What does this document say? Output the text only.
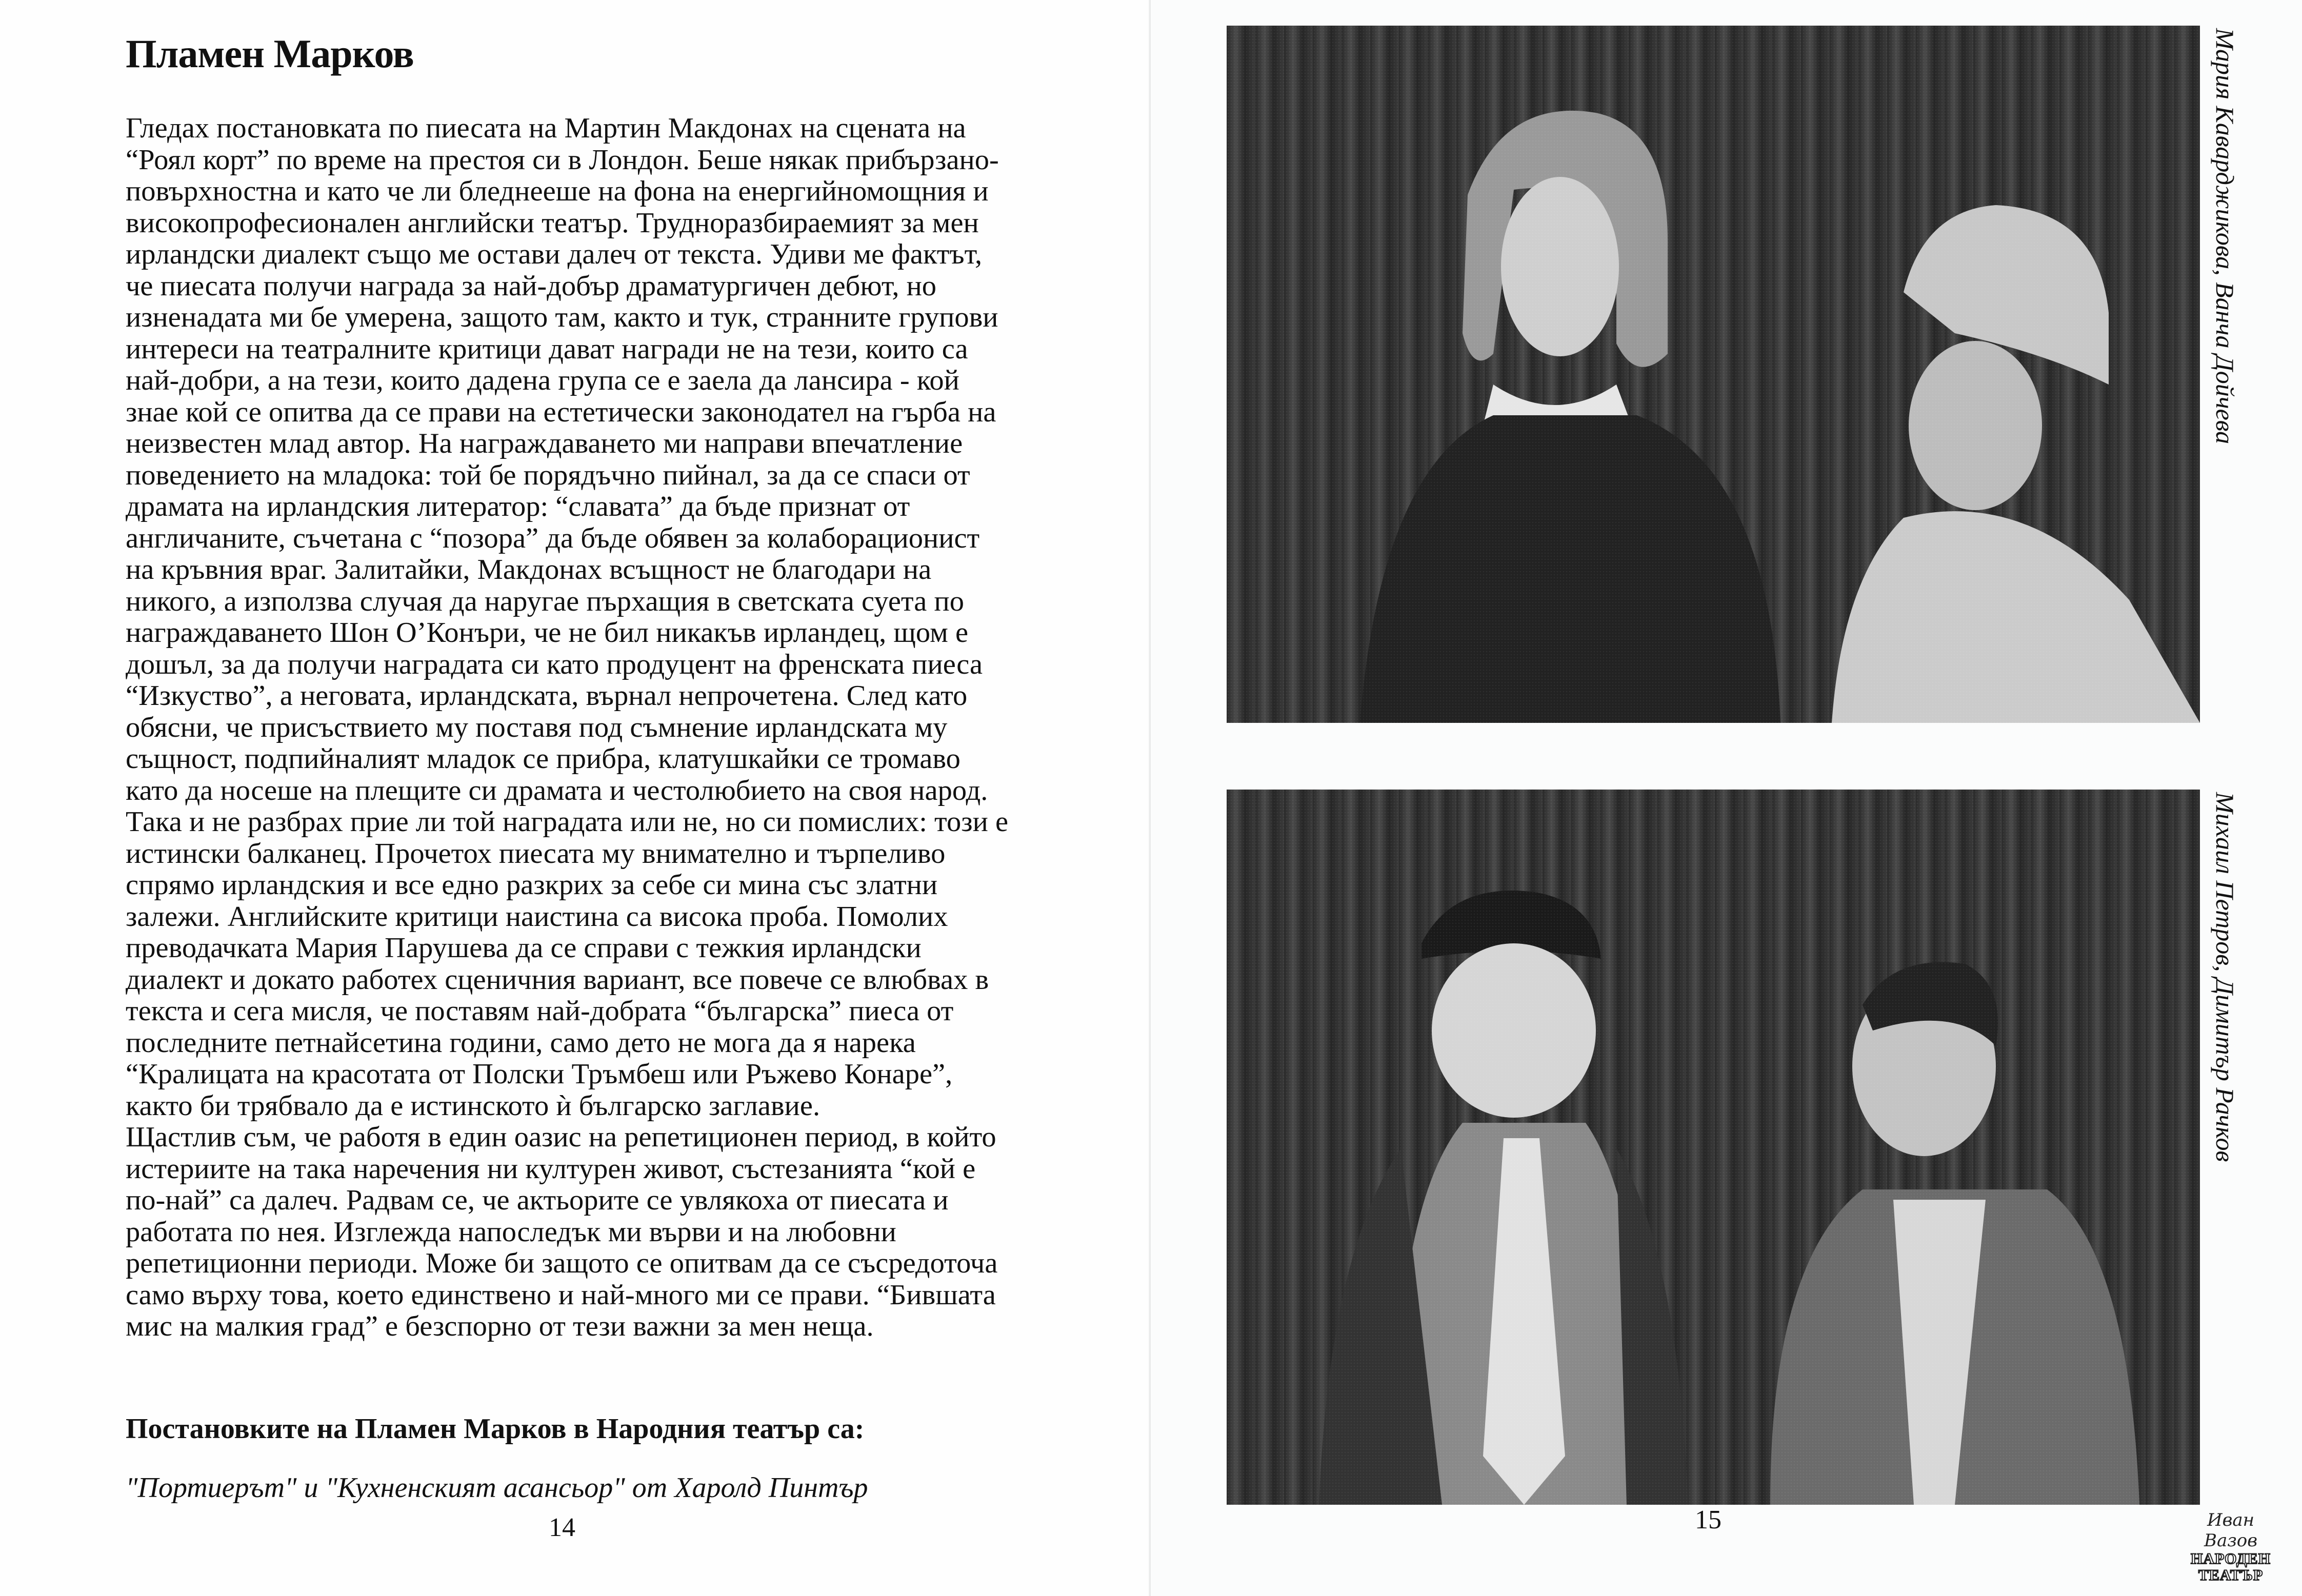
Пламен Марков

Гледах постановката по пиесата на Мартин Макдонах на сцената на

“Роял корт” по време на престоя си в Лондон. Беше някак прибързано-

повърхностна и като че ли бледнееше на фона на енергийномощния и

високопрофесионален английски театър. Трудноразбираемият за мен

ирландски диалект също ме остави далеч от текста. Удиви ме фактът,

че пиесата получи награда за най-добър драматургичен дебют, но

изненадата ми бе умерена, защото там, както и тук, странните групови

интереси на театралните критици дават награди не на тези, които са

най-добри, а на тези, които дадена група се е заела да лансира - кой

знае кой се опитва да се прави на естетически законодател на гърба на

неизвестен млад автор. На награждаването ми направи впечатление

поведението на младока: той бе порядъчно пийнал, за да се спаси от

драмата на ирландския литератор: “славата” да бъде признат от

англичаните, съчетана с “позора” да бъде обявен за колаборационист

на кръвния враг. Залитайки, Макдонах всъщност не благодари на

никого, а използва случая да наругае пърхащия в светската суета по

награждаването Шон О’Конъри, че не бил никакъв ирландец, щом е

дошъл, за да получи наградата си като продуцент на френската пиеса

“Изкуство”, а неговата, ирландската, върнал непрочетена. След като

обясни, че присъствието му поставя под съмнение ирландската му

същност, подпийналият младок се прибра, клатушкайки се тромаво

като да носеше на плещите си драмата и честолюбието на своя народ.

Така и не разбрах прие ли той наградата или не, но си помислих: този е

истински балканец. Прочетох пиесата му внимателно и търпеливо

спрямо ирландския и все едно разкрих за себе си мина със златни

залежи. Английските критици наистина са висока проба. Помолих

преводачката Мария Парушева да се справи с тежкия ирландски

диалект и докато работех сценичния вариант, все повече се влюбвах в

текста и сега мисля, че поставям най-добрата “българска” пиеса от

последните петнайсетина години, само дето не мога да я нарека

“Кралицата на красотата от Полски Тръмбеш или Ръжево Конаре”,

както би трябвало да е истинското ѝ българско заглавие.

Щастлив съм, че работя в един оазис на репетиционен период, в който

истериите на така наречения ни културен живот, състезанията “кой е

по-най” са далеч. Радвам се, че актьорите се увлякоха от пиесата и

работата по нея. Изглежда напоследък ми върви и на любовни

репетиционни периоди. Може би защото се опитвам да се съсредоточа

само върху това, което единствено и най-много ми се прави. “Бившата

мис на малкия град” е безспорно от тези важни за мен неща.

Постановките на Пламен Марков в Народния театър са:
"Портиерът" и "Кухненският асансьор" от Харолд Пинтър
14
Мария Каварджикова, Ванча Дойчева
Михаил Петров, Димитър Рачков
15	Иван Вазов
НАРОДЕН
ТЕАТЪР
